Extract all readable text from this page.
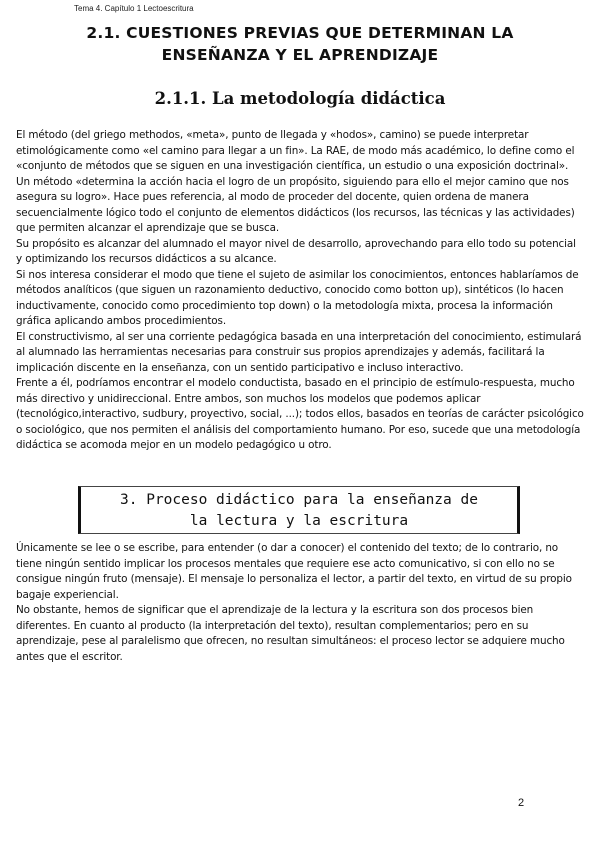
Tema 4. Capítulo 1 Lectoescritura
2.1. CUESTIONES PREVIAS QUE DETERMINAN LA
ENSEÑANZA Y EL APRENDIZAJE
2.1.1. La metodología didáctica

El método (del griego methodos, «meta», punto de llegada y «hodos», camino) se puede interpretar etimológicamente como «el camino para llegar a un fin». La RAE, de modo más académico, lo define como el «conjunto de métodos que se siguen en una investigación científica, un estudio o una exposición doctrinal».

Un método «determina la acción hacia el logro de un propósito, siguiendo para ello el mejor camino que nos asegura su logro». Hace pues referencia, al modo de proceder del docente, quien ordena de manera secuencialmente lógico todo el conjunto de elementos didácticos (los recursos, las técnicas y las actividades) que permiten alcanzar el aprendizaje que se busca.

Su propósito es alcanzar del alumnado el mayor nivel de desarrollo, aprovechando para ello todo su potencial y optimizando los recursos didácticos a su alcance.

Si nos interesa considerar el modo que tiene el sujeto de asimilar los conocimientos, entonces hablaríamos de métodos analíticos (que siguen un razonamiento deductivo, conocido como botton up), sintéticos (lo hacen inductivamente, conocido como procedimiento top down) o la metodología mixta, procesa la información gráfica aplicando ambos procedimientos.

El constructivismo, al ser una corriente pedagógica basada en una interpretación del conocimiento, estimulará al alumnado las herramientas necesarias para construir sus propios aprendizajes y además, facilitará la implicación discente en la enseñanza, con un sentido participativo e incluso interactivo.

Frente a él, podríamos encontrar el modelo conductista, basado en el principio de estímulo-respuesta, mucho más directivo y unidireccional. Entre ambos, son muchos los modelos que podemos aplicar (tecnológico,interactivo, sudbury, proyectivo, social, ...); todos ellos, basados en teorías de carácter psicológico o sociológico, que nos permiten el análisis del comportamiento humano. Por eso, sucede que una metodología didáctica se acomoda mejor en un modelo pedagógico u otro.

3. Proceso didáctico para la enseñanza de
la lectura y la escritura

Únicamente se lee o se escribe, para entender (o dar a conocer) el contenido del texto; de lo contrario, no tiene ningún sentido implicar los procesos mentales que requiere ese acto comunicativo, si con ello no se consigue ningún fruto (mensaje). El mensaje lo personaliza el lector, a partir del texto, en virtud de su propio bagaje experiencial.

No obstante, hemos de significar que el aprendizaje de la lectura y la escritura son dos procesos bien diferentes. En cuanto al producto (la interpretación del texto), resultan complementarios; pero en su aprendizaje, pese al paralelismo que ofrecen, no resultan simultáneos: el proceso lector se adquiere mucho antes que el escritor.

2
